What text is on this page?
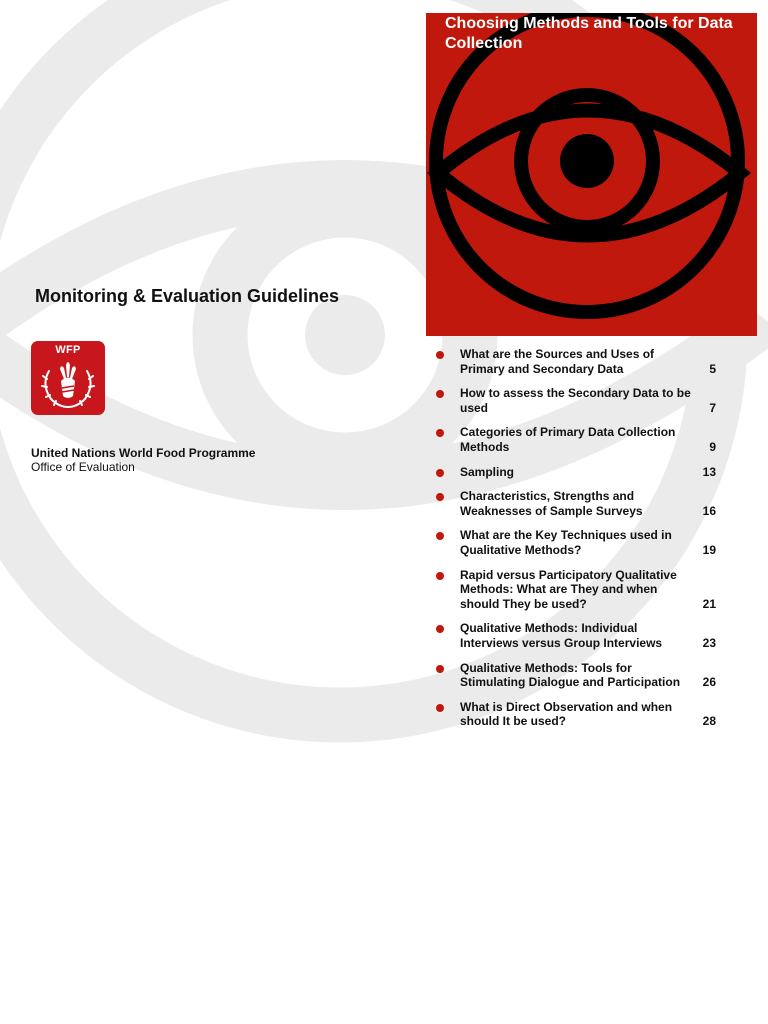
Choosing Methods and Tools for Data Collection
Monitoring & Evaluation Guidelines
WFP
United Nations World Food Programme
Office of Evaluation
What are the Sources and Uses of Primary and Secondary Data	5
How to assess the Secondary Data to be used	7
Categories of Primary Data Collection Methods	9
Sampling	13
Characteristics, Strengths and Weaknesses of Sample Surveys	16
What are the Key Techniques used in Qualitative Methods?	19
Rapid versus Participatory Qualitative Methods: What are They and when should They be used?	21
Qualitative Methods: Individual Interviews versus Group Interviews	23
Qualitative Methods: Tools for Stimulating Dialogue and Participation	26
What is Direct Observation and when should It be used?	28
